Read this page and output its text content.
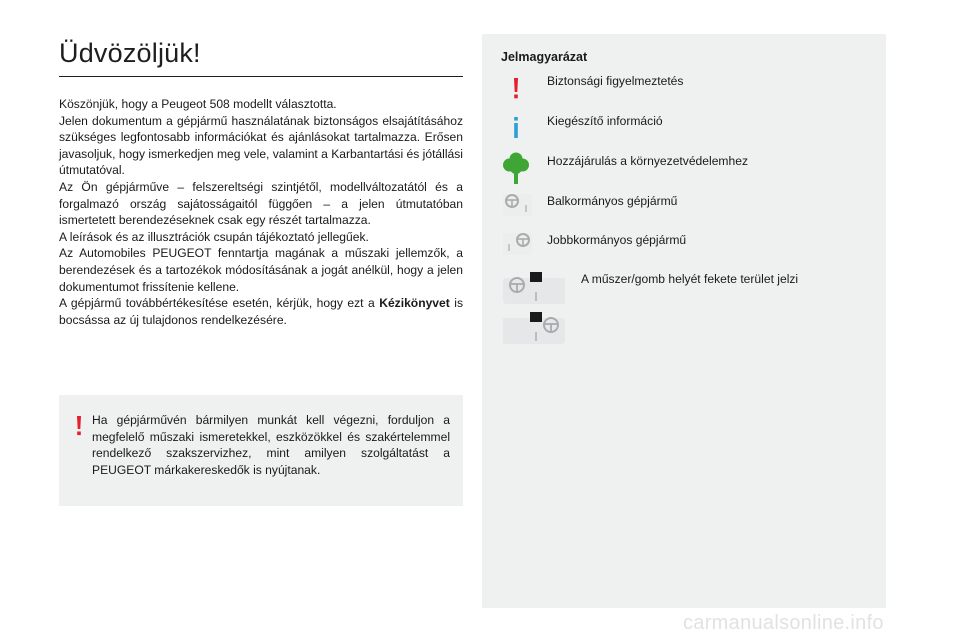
Üdvözöljük!

Köszönjük, hogy a Peugeot 508 modellt választotta.

Jelen dokumentum a gépjármű használatának biztonságos elsajátításához szükséges legfontosabb információkat és ajánlásokat tartalmazza. Erősen javasoljuk, hogy ismerkedjen meg vele, valamint a Karbantartási és jótállási útmutatóval.

Az Ön gépjárműve – felszereltségi szintjétől, modellváltozatától és a forgalmazó ország sajátosságaitól függően – a jelen útmutatóban ismertetett berendezéseknek csak egy részét tartalmazza.

A leírások és az illusztrációk csupán tájékoztató jellegűek.

Az Automobiles PEUGEOT fenntartja magának a műszaki jellemzők, a berendezések és a tartozékok módosításának a jogát anélkül, hogy a jelen dokumentumot frissítenie kellene.

A gépjármű továbbértékesítése esetén, kérjük, hogy ezt a Kézikönyvet is bocsássa az új tulajdonos rendelkezésére.

Ha gépjárművén bármilyen munkát kell végezni, forduljon a megfelelő műszaki ismeretekkel, eszközökkel és szakértelemmel rendelkező szakszervizhez, mint amilyen szolgáltatást a PEUGEOT márkakereskedők is nyújtanak.
Jelmagyarázat
Biztonsági figyelmeztetés
Kiegészítő információ
Hozzájárulás a környezetvédelemhez
Balkormányos gépjármű
Jobbkormányos gépjármű
A műszer/gomb helyét fekete terület jelzi
carmanualsonline.info
